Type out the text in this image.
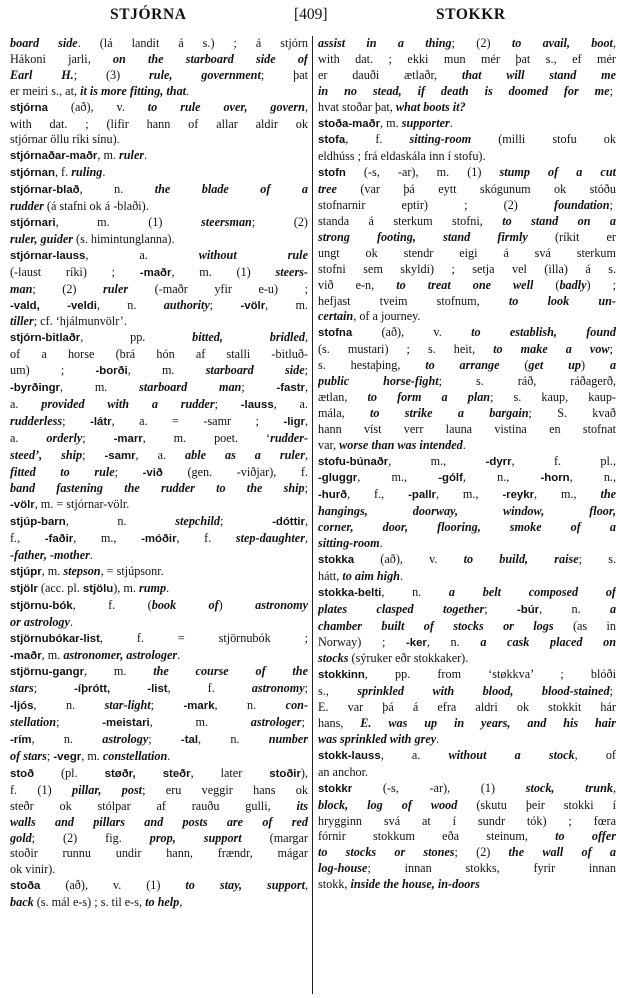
STJÓRNA	[409]	STOKKR
board side. (lá landit á s.) ; á stjórn
Hákoni jarli, on the starboard side of
Earl H.; (3) rule, government; þat
er meiri s., at, it is more fitting, that.
stjórna (að), v. to rule over, govern,
with dat. ; (lifir hann of allar aldir ok
stjórnar öllu ríki sínu).
stjórnaðar-maðr, m. ruler.
stjórnan, f. ruling.
stjórnar-blað, n. the blade of a
rudder (á stafni ok á -blaði).
stjórnari, m. (1) steersman; (2)
ruler, guider (s. himintunglanna).
stjórnar-lauss, a. without rule
(-laust ríki) ; -maðr, m. (1) steers-
man; (2) ruler (-maðr yfir e-u) ;
-vald, -veldi, n. authority; -völr, m.
tiller; cf. ‘hjálmunvölr’.
stjórn-bitlaðr, pp. bitted, bridled,
of a horse (brá hón af stalli -bitluð-
um) ; -borði, m. starboard side;
-byrðingr, m. starboard man; -fastr,
a. provided with a rudder; -lauss, a.
rudderless; -látr, a. = -samr ; -ligr,
a. orderly; -marr, m. poet. ‘rudder-
steed’, ship; -samr, a. able as a ruler,
fitted to rule; -við (gen. -viðjar), f.
band fastening the rudder to the ship;
-völr, m. = stjórnar-völr.
stjúp-barn, n. stepchild; -dóttir,
f., -faðir, m., -móðir, f. step-daughter,
-father, -mother.
stjúpr, m. stepson, = stjúpsonr.
stjölr (acc. pl. stjölu), m. rump.
stjörnu-bók, f. (book of) astronomy
or astrology.
stjörnubókar-list, f. = stjörnubók ;
-maðr, m. astronomer, astrologer.
stjörnu-gangr, m. the course of the
stars; -íþrótt, -list, f. astronomy;
-ljós, n. star-light; -mark, n. con-
stellation; -meistari, m. astrologer;
-rím, n. astrology; -tal, n. number
of stars; -vegr, m. constellation.
stoð (pl. støðr, steðr, later stoðir),
f. (1) pillar, post; eru veggir hans ok
steðr ok stólpar af rauðu gulli, its
walls and pillars and posts are of red
gold; (2) fig. prop, support (margar
stoðir runnu undir hann, frændr, mágar
ok vinir).
stoða (að), v. (1) to stay, support,
back (s. mál e-s) ; s. til e-s, to help,
assist in a thing; (2) to avail, boot,
with dat. ; ekki mun mér þat s., ef mér
er dauði ætlaðr, that will stand me
in no stead, if death is doomed for me;
hvat stoðar þat, what boots it?
stoða-maðr, m. supporter.
stofa, f. sitting-room (milli stofu ok
eldhúss ; frá eldaskála inn í stofu).
stofn (-s, -ar), m. (1) stump of a cut
tree (var þá eytt skógunum ok stóðu
stofnarnir eptir) ; (2) foundation;
standa á sterkum stofni, to stand on a
strong footing, stand firmly (ríkit er
ungt ok stendr eigi á svá sterkum
stofni sem skyldi) ; setja vel (illa) á s.
við e-n, to treat one well (badly) ;
hefjast tveim stofnum, to look un-
certain, of a journey.
stofna (að), v. to establish, found
(s. mustari) ; s. heit, to make a vow;
s. hestaþing, to arrange (get up) a
public horse-fight; s. ráð, ráðagerð,
ætlan, to form a plan; s. kaup, kaup-
mála, to strike a bargain; S. kvað
hann víst verr launa vistina en stofnat
var, worse than was intended.
stofu-búnaðr, m., -dyrr, f. pl.,
-gluggr, m., -gólf, n., -horn, n.,
-hurð, f., -pallr, m., -reykr, m., the
hangings, doorway, window, floor,
corner, door, flooring, smoke of a
sitting-room.
stokka (að), v. to build, raise; s.
hátt, to aim high.
stokka-belti, n. a belt composed of
plates clasped together; -búr, n. a
chamber built of stocks or logs (as in
Norway) ; -ker, n. a cask placed on
stocks (sýruker eðr stokkaker).
stokkinn, pp. from ‘støkkva’ ; blóði
s., sprinkled with blood, blood-stained;
E. var þá á efra aldri ok stokkit hár
hans, E. was up in years, and his hair
was sprinkled with grey.
stokk-lauss, a. without a stock, of
an anchor.
stokkr (-s, -ar), (1) stock, trunk,
block, log of wood (skutu þeir stokki í
hrygginn svá at í sundr tók) ; fœra
fórnir stokkum eða steinum, to offer
to stocks or stones; (2) the wall of a
log-house; innan stokks, fyrir innan
stokk, inside the house, in-doors
